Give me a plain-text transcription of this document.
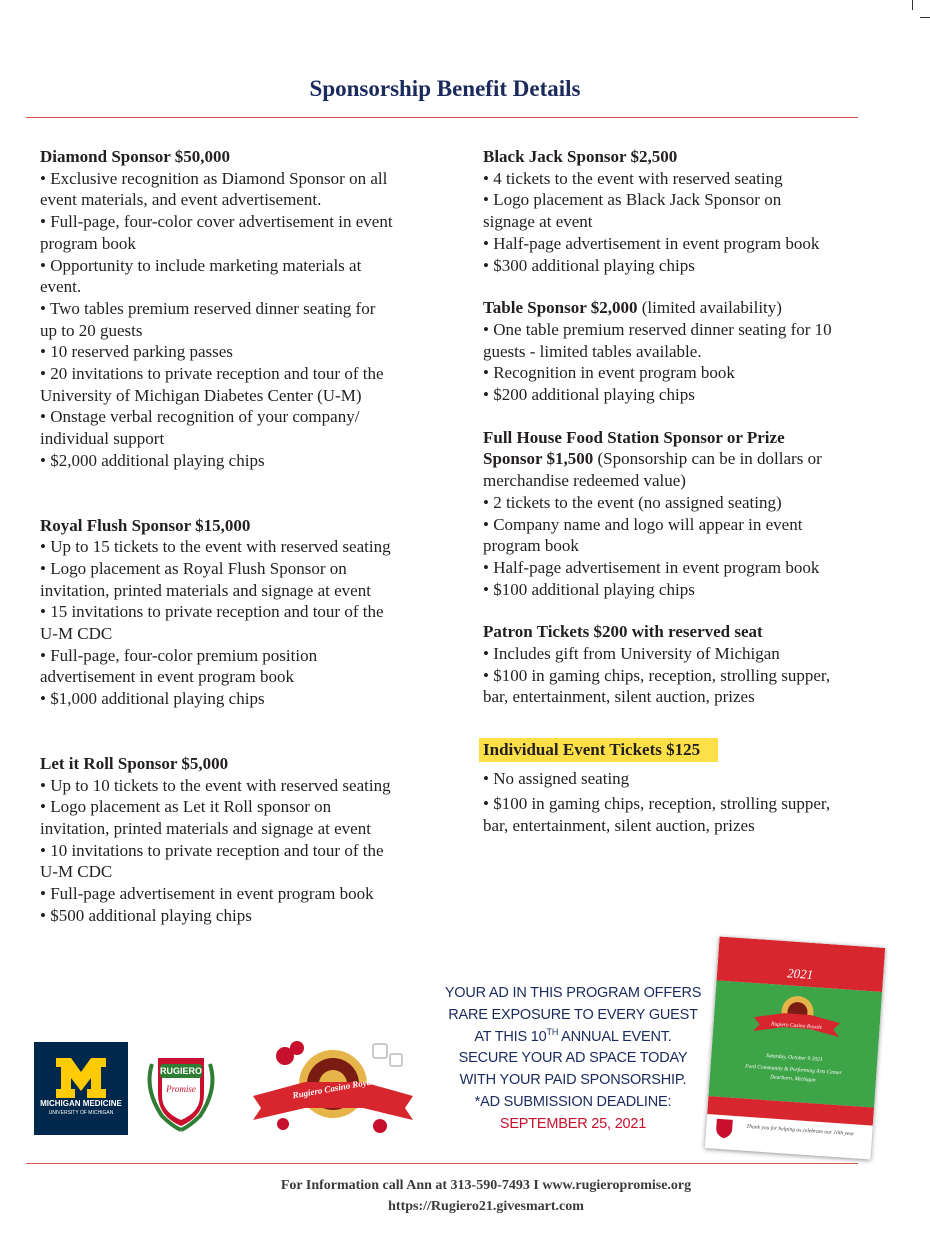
Sponsorship Benefit Details
Diamond Sponsor $50,000
• Exclusive recognition as Diamond Sponsor on all
event materials, and event advertisement.
• Full-page, four-color cover advertisement in event
program book
• Opportunity to include marketing materials at
event.
• Two tables premium reserved dinner seating for
up to 20 guests
• 10 reserved parking passes
• 20 invitations to private reception and tour of the
University of Michigan Diabetes Center (U-M)
• Onstage verbal recognition of your company/
individual support
• $2,000 additional playing chips
Royal Flush Sponsor $15,000
• Up to 15 tickets to the event with reserved seating
• Logo placement as Royal Flush Sponsor on
invitation, printed materials and signage at event
• 15 invitations to private reception and tour of the
U-M CDC
• Full-page, four-color premium position
advertisement in event program book
• $1,000 additional playing chips
Let it Roll Sponsor $5,000
• Up to 10 tickets to the event with reserved seating
• Logo placement as Let it Roll sponsor on
invitation, printed materials and signage at event
• 10 invitations to private reception and tour of the
U-M CDC
• Full-page advertisement in event program book
• $500 additional playing chips
Black Jack Sponsor $2,500
• 4 tickets to the event with reserved seating
• Logo placement as Black Jack Sponsor on
signage at event
• Half-page advertisement in event program book
• $300 additional playing chips
Table Sponsor $2,000 (limited availability)
• One table premium reserved dinner seating for 10
guests - limited tables available.
• Recognition in event program book
• $200 additional playing chips
Full House Food Station Sponsor or Prize
Sponsor $1,500 (Sponsorship can be in dollars or
merchandise redeemed value)
• 2 tickets to the event (no assigned seating)
• Company name and logo will appear in event
program book
• Half-page advertisement in event program book
• $100 additional playing chips
Patron Tickets $200 with reserved seat
• Includes gift from University of Michigan
• $100 in gaming chips, reception, strolling supper,
bar, entertainment, silent auction, prizes
Individual Event Tickets $125
• No assigned seating
• $100 in gaming chips, reception, strolling supper,
bar, entertainment, silent auction, prizes
MICHIGAN MEDICINE
UNIVERSITY OF MICHIGAN
RUGIERO
Promise
FOUNDATION	Rugiero Casino Royale
YOUR AD IN THIS PROGRAM OFFERS
RARE EXPOSURE TO EVERY GUEST
AT THIS 10TH ANNUAL EVENT.
SECURE YOUR AD SPACE TODAY
WITH YOUR PAID SPONSORSHIP.
*AD SUBMISSION DEADLINE:
SEPTEMBER 25, 2021
2021
Rugiero Casino Royale
Saturday, October 9 2021
Ford Community & Performing Arts Center
Dearborn, Michigan
Thank you for helping us celebrate our 10th year
For Information call Ann at 313-590-7493 I www.rugieropromise.org
https://Rugiero21.givesmart.com
